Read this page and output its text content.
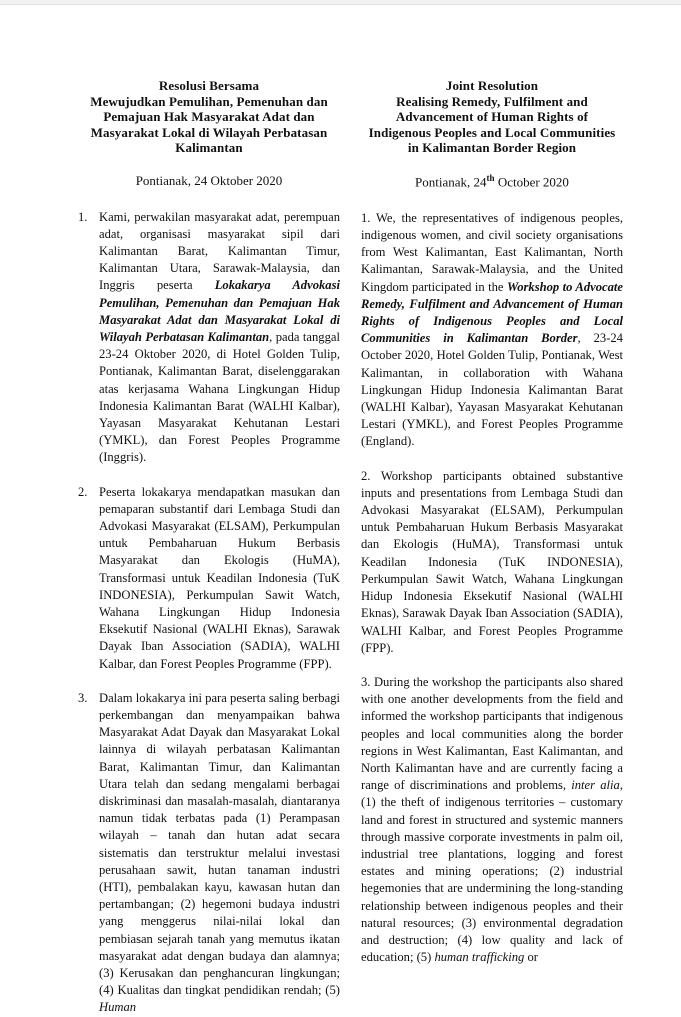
Resolusi Bersama
Mewujudkan Pemulihan, Pemenuhan dan
Pemajuan Hak Masyarakat Adat dan
Masyarakat Lokal di Wilayah Perbatasan
Kalimantan
Pontianak, 24 Oktober 2020
1. Kami, perwakilan masyarakat adat, perempuan adat, organisasi masyarakat sipil dari Kalimantan Barat, Kalimantan Timur, Kalimantan Utara, Sarawak-Malaysia, dan Inggris peserta Lokakarya Advokasi Pemulihan, Pemenuhan dan Pemajuan Hak Masyarakat Adat dan Masyarakat Lokal di Wilayah Perbatasan Kalimantan, pada tanggal 23-24 Oktober 2020, di Hotel Golden Tulip, Pontianak, Kalimantan Barat, diselenggarakan atas kerjasama Wahana Lingkungan Hidup Indonesia Kalimantan Barat (WALHI Kalbar), Yayasan Masyarakat Kehutanan Lestari (YMKL), dan Forest Peoples Programme (Inggris).
2. Peserta lokakarya mendapatkan masukan dan pemaparan substantif dari Lembaga Studi dan Advokasi Masyarakat (ELSAM), Perkumpulan untuk Pembaharuan Hukum Berbasis Masyarakat dan Ekologis (HuMA), Transformasi untuk Keadilan Indonesia (TuK INDONESIA), Perkumpulan Sawit Watch, Wahana Lingkungan Hidup Indonesia Eksekutif Nasional (WALHI Eknas), Sarawak Dayak Iban Association (SADIA), WALHI Kalbar, dan Forest Peoples Programme (FPP).
3. Dalam lokakarya ini para peserta saling berbagi perkembangan dan menyampaikan bahwa Masyarakat Adat Dayak dan Masyarakat Lokal lainnya di wilayah perbatasan Kalimantan Barat, Kalimantan Timur, dan Kalimantan Utara telah dan sedang mengalami berbagai diskriminasi dan masalah-masalah, diantaranya namun tidak terbatas pada (1) Perampasan wilayah – tanah dan hutan adat secara sistematis dan terstruktur melalui investasi perusahaan sawit, hutan tanaman industri (HTI), pembalakan kayu, kawasan hutan dan pertambangan; (2) hegemoni budaya industri yang menggerus nilai-nilai lokal dan pembiasan sejarah tanah yang memutus ikatan masyarakat adat dengan budaya dan alamnya; (3) Kerusakan dan penghancuran lingkungan; (4) Kualitas dan tingkat pendidikan rendah; (5) Human
Joint Resolution
Realising Remedy, Fulfilment and
Advancement of Human Rights of
Indigenous Peoples and Local Communities
in Kalimantan Border Region
Pontianak, 24th October 2020
1. We, the representatives of indigenous peoples, indigenous women, and civil society organisations from West Kalimantan, East Kalimantan, North Kalimantan, Sarawak-Malaysia, and the United Kingdom participated in the Workshop to Advocate Remedy, Fulfilment and Advancement of Human Rights of Indigenous Peoples and Local Communities in Kalimantan Border, 23-24 October 2020, Hotel Golden Tulip, Pontianak, West Kalimantan, in collaboration with Wahana Lingkungan Hidup Indonesia Kalimantan Barat (WALHI Kalbar), Yayasan Masyarakat Kehutanan Lestari (YMKL), and Forest Peoples Programme (England).
2. Workshop participants obtained substantive inputs and presentations from Lembaga Studi dan Advokasi Masyarakat (ELSAM), Perkumpulan untuk Pembaharuan Hukum Berbasis Masyarakat dan Ekologis (HuMA), Transformasi untuk Keadilan Indonesia (TuK INDONESIA), Perkumpulan Sawit Watch, Wahana Lingkungan Hidup Indonesia Eksekutif Nasional (WALHI Eknas), Sarawak Dayak Iban Association (SADIA), WALHI Kalbar, and Forest Peoples Programme (FPP).
3. During the workshop the participants also shared with one another developments from the field and informed the workshop participants that indigenous peoples and local communities along the border regions in West Kalimantan, East Kalimantan, and North Kalimantan have and are currently facing a range of discriminations and problems, inter alia, (1) the theft of indigenous territories – customary land and forest in structured and systemic manners through massive corporate investments in palm oil, industrial tree plantations, logging and forest estates and mining operations; (2) industrial hegemonies that are undermining the long-standing relationship between indigenous peoples and their natural resources; (3) environmental degradation and destruction; (4) low quality and lack of education; (5) human trafficking or
